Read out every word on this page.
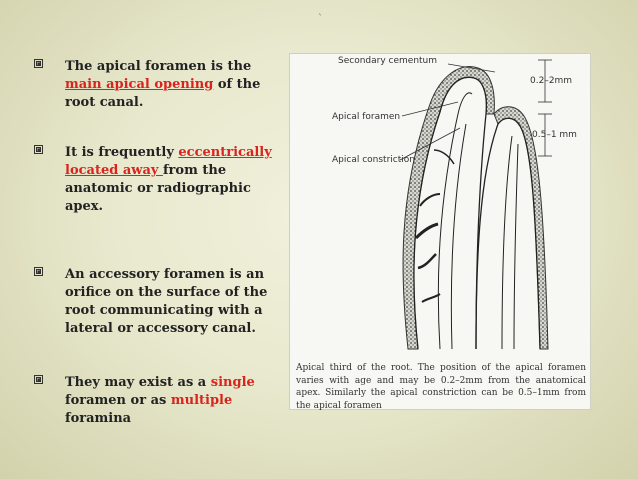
`
The apical foramen is the main apical opening of the root canal.
It is frequently eccentrically located away from the anatomic or radiographic apex.
An accessory foramen is an orifice on the surface of the root communicating with a lateral or accessory canal.
They may exist as a single foramen or as multiple foramina
Secondary cementum
Apical foramen
Apical constriction
0.2–2mm
0.5–1 mm
Apical third of the root. The position of the apical foramen varies with age and may be 0.2–2mm from the anatomical apex. Similarly the apical constriction can be 0.5–1mm from the apical foramen
